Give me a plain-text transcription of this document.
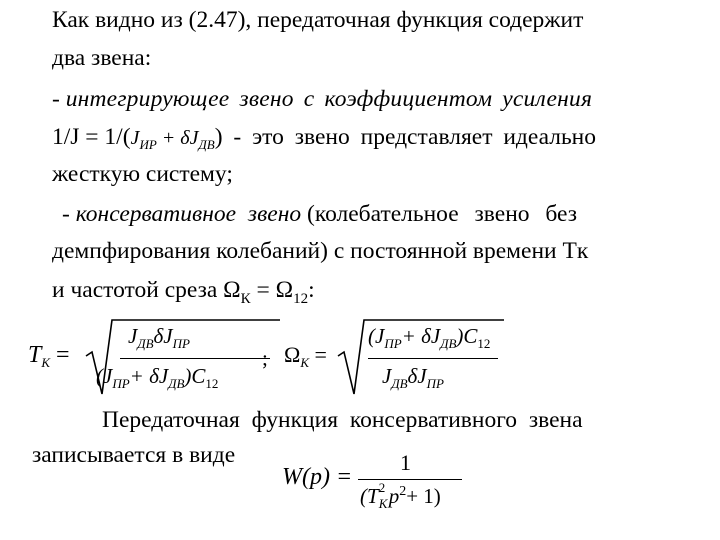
Как видно из (2.47), передаточная функция содержит
два звена:
- интегрирующее звено с коэффициентом усиления
$1/J = 1/(J_{ИР} + \delta J_{ДВ})$ - это звено представляет идеально
жесткую систему;
- консервативное звено (колебательное звено без
демпфирования колебаний) с постоянной времени Tк
и частотой среза $\Omega_К = \Omega_{12}$:
$T_K$ =
$J_{ДВ}\delta J_{ПР}$
$(J_{ПР}+ \delta J_{ДВ})C_{12}$
; $\Omega_K$ =
$(J_{ПР}+ \delta J_{ДВ})C_{12}$
$J_{ДВ}\delta J_{ПР}$
Передаточная функция консервативного звена
записывается в виде
W(p) =
1
(T 2
K $p^2+ 1$)
